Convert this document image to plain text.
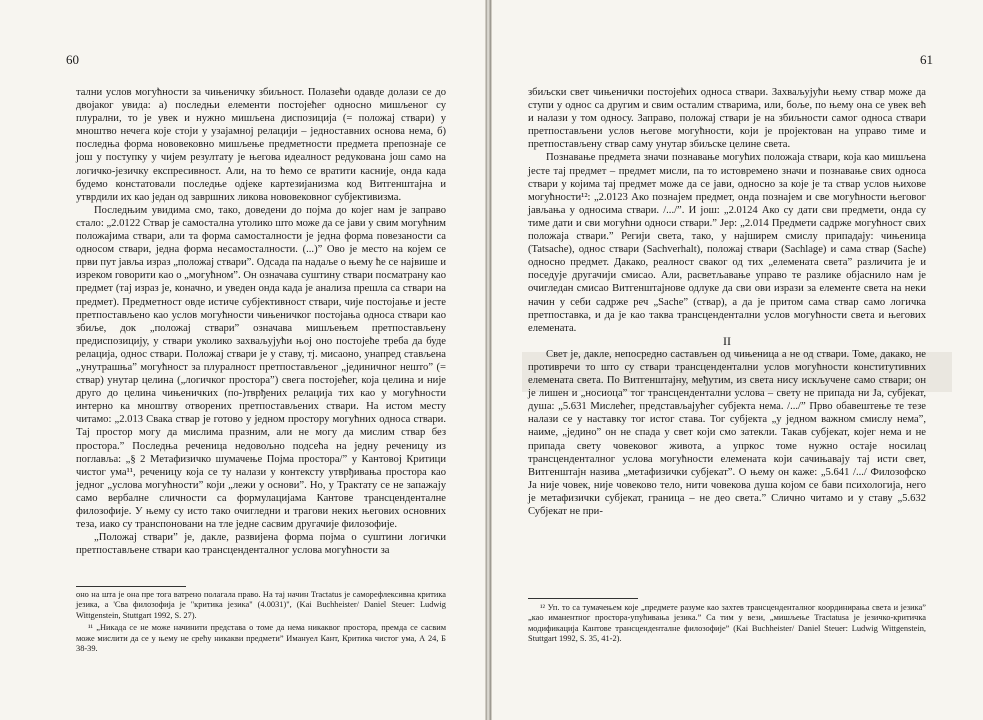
60

тални услов могућности за чињеничку збиљност. Полазећи одавде долази се до двојаког увида: а) последњи елементи постојећег односно мишљеног су плурални, то је увек и нужно мишљена диспозиција (= положај ствари) у мноштво нечега које стоји у узајамној релацији – једноставних основа нема, б) последња форма нововековно мишљење предметности предмета препознаје се још у поступку у чијем резултату је његова идеалност редукована још само на логичко-језичку експресивност. Али, на то ћемо се вратити касније, онда када будемо констатовали последње одјеке картезијанизма код Витгенштајна и утврдили их као један од завршних ликова нововековног субјективизма.

Последњим увидима смо, тако, доведени до појма до којег нам је заправо стало: „2.0122 Ствар је самостална утолико што може да се јави у свим могућним положајима ствари, али та форма самосталности је једна форма повезаности са односом ствари, једна форма несамосталности. (...)” Ово је место на којем се први пут јавља израз „положај ствари”. Одсада па надаље о њему ће се највише и изреком говорити као о „могућном”. Он означава суштину ствари посматрану као предмет (тај израз је, коначно, и уведен онда када је анализа прешла са ствари на предмет). Предметност овде истиче субјективност ствари, чије постојање и јесте претпостављено као услов могућности чињеничког постојања односа ствари као збиље, док „положај ствари” означава мишљењем претпостављену предиспозицију, у ствари уколико захваљујући њој оно постојеће треба да буде релација, однос ствари. Положај ствари је у ставу, тј. мисаоно, унапред стављена „унутрашња” могућност за плуралност претпостављеног „јединичног нешто” (= ствар) унутар целина („логичког простора”) свега постојећег, која целина и није друго до целина чињеничких (по-)тврђених релација тих као у могућности интерно ка мноштву отворених претпостављених ствари. На истом месту читамо: „2.013 Свака ствар је готово у једном простору могућних односа ствари. Тај простор могу да мислима празним, али не могу да мислим ствар без простора.” Последња реченица недовољно подсећа на једну реченицу из поглавља: „§ 2 Метафизичко шумачење Појма простора/” у Кантовој Критици чистог ума¹¹, реченицу која се ту налази у контексту утврђивања простора као једног „услова могућности” који „лежи у основи”. Но, у Трактату се не запажају само вербалне сличности са формулацијама Кантове трансценденталне филозофије. У њему су исто тако очигледни и трагови неких његових основних теза, иако су транспоновани на тле једне сасвим другачије филозофије.

„Положај ствари” је, дакле, развијена форма појма о суштини логички претпостављене ствари као трансценденталног услова могућности за

оно на шта је она пре тога ватрено полагала право. На тај начин Tractatus је саморефлексивна критика језика, а 'Сва филозофија је "критика језика" (4.0031)", (Kai Buchheister/ Daniel Steuer: Ludwig Wittgenstein, Stuttgart 1992, S. 27).

¹¹ „Никада се не може начинити представа о томе да нема никаквог простора, премда се сасвим може мислити да се у њему не срећу никакви предмети” Имануел Кант, Критика чистог ума, А 24, Б 38-39.

61

збиљски свет чињенички постојећих односа ствари. Захваљујући њему ствар може да ступи у однос са другим и свим осталим стварима, или, боље, по њему она се увек већ и налази у том односу. Заправо, положај ствари је на збиљности самог односа ствари претпостављени услов његове могућности, који је пројектован на управо тиме и претпостављену ствар саму унутар збиљске целине света.

Познавање предмета значи познавање могућих положаја ствари, која као мишљена јесте тај предмет – предмет мисли, па то истовремено значи и познавање свих односа ствари у којима тај предмет може да се јави, односно за које је та ствар услов њихове могућности¹²: „2.0123 Ако познајем предмет, онда познајем и све могућности његовог јављања у односима ствари. /.../”. И још: „2.0124 Ако су дати сви предмети, онда су тиме дати и сви могућни односи ствари.” Јер: „2.014 Предмети садрже могућност свих положаја ствари.” Регији света, тако, у најширем смислу припадају: чињеница (Tatsache), однос ствари (Sachverhalt), положај ствари (Sachlage) и сама ствар (Sache) односно предмет. Дакако, реалност сваког од тих „елемената света” различита је и поседује другачији смисао. Али, расветљавање управо те разлике објаснило нам је очигледан смисао Витгенштајнове одлуке да сви ови изрази за елементе света на неки начин у себи садрже реч „Sache” (ствар), а да је притом сама ствар само логичка претпоставка, и да је као таква трансцендентални услов могућности света и његових елемената.

II

Свет је, дакле, непосредно састављен од чињеница а не од ствари. Томе, дакако, не противречи то што су ствари трансцендентални услов могућности конститутивних елемената света. По Витгенштајну, међутим, из света нису искључене само ствари; он је лишен и „носиоца” тог трансцендентални услова – свету не припада ни Ја, субјекат, душа: „5.631 Мислећег, представљајућег субјекта нема. /.../” Прво обавештење те тезе налази се у наставку тог истог става. Тог субјекта „у једном важном смислу нема”, наиме, „једино” он не спада у свет који смо затекли. Такав субјекат, којег нема и не припада свету човековог живота, а упркос томе нужно остаје носилац трансценденталног услова могућности елемената који сачињавају тај исти свет, Витгенштајн назива „метафизички субјекат”. О њему он каже: „5.641 /.../ Филозофско Ја није човек, није човеково тело, нити човекова душа којом се бави психологија, него је метафизички субјекат, граница – не део света.” Слично читамо и у ставу „5.632 Субјекат не при-

¹² Уп. то са тумачењем које „предмете разуме као захтев трансценденталног координирања света и језика” „као иманентног простора-упућивања језика.” Са тим у вези, „мишљење Tractatusa је језичко-критичка модификација Кантове трансценденталне филозофије” (Kai Buchheister/ Daniel Steuer: Ludwig Wittgenstein, Stuttgart 1992, S. 35, 41-2).
